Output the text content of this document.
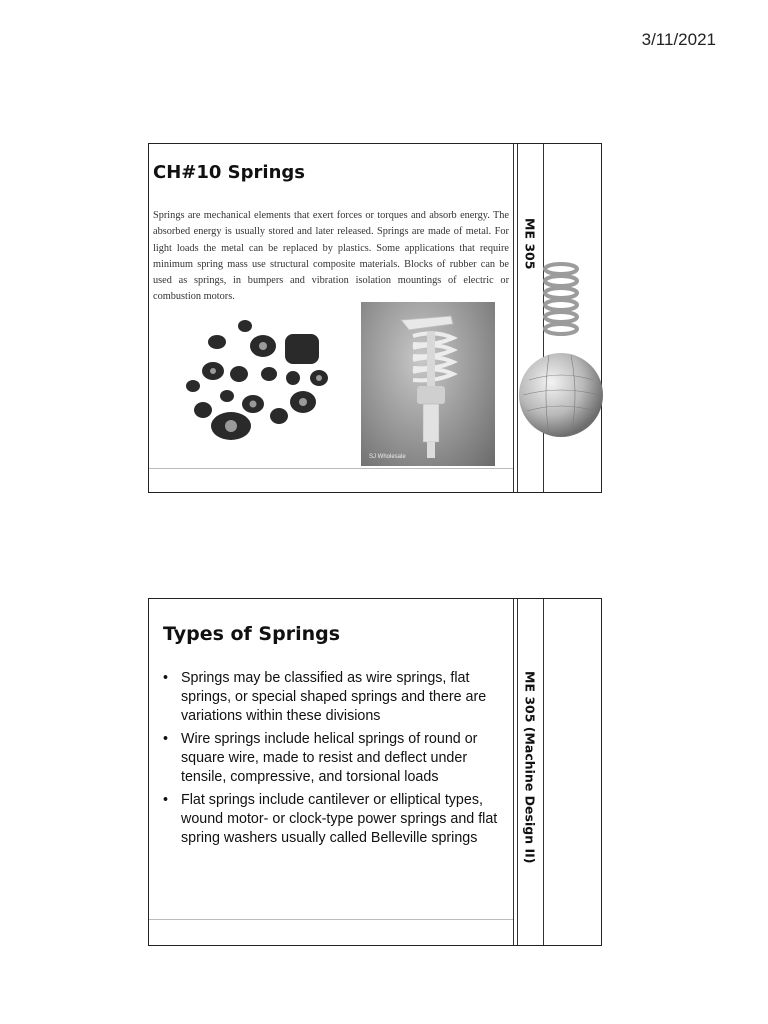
3/11/2021
CH#10 Springs
Springs are mechanical elements that exert forces or torques and absorb energy. The absorbed energy is usually stored and later released. Springs are made of metal. For light loads the metal can be replaced by plastics. Some applications that require minimum spring mass use structural composite materials. Blocks of rubber can be used as springs, in bumpers and vibration isolation mountings of electric or combustion motors.
SJ Wholesale
ME 305
Types of Springs
• Springs may be classified as wire springs, flat springs, or special shaped springs and there are variations within these divisions
• Wire springs include helical springs of round or square wire, made to resist and deflect under tensile, compressive, and torsional loads
• Flat springs include cantilever or elliptical types, wound motor- or clock-type power springs and flat spring washers usually called Belleville springs	ME 305 (Machine Design II)
